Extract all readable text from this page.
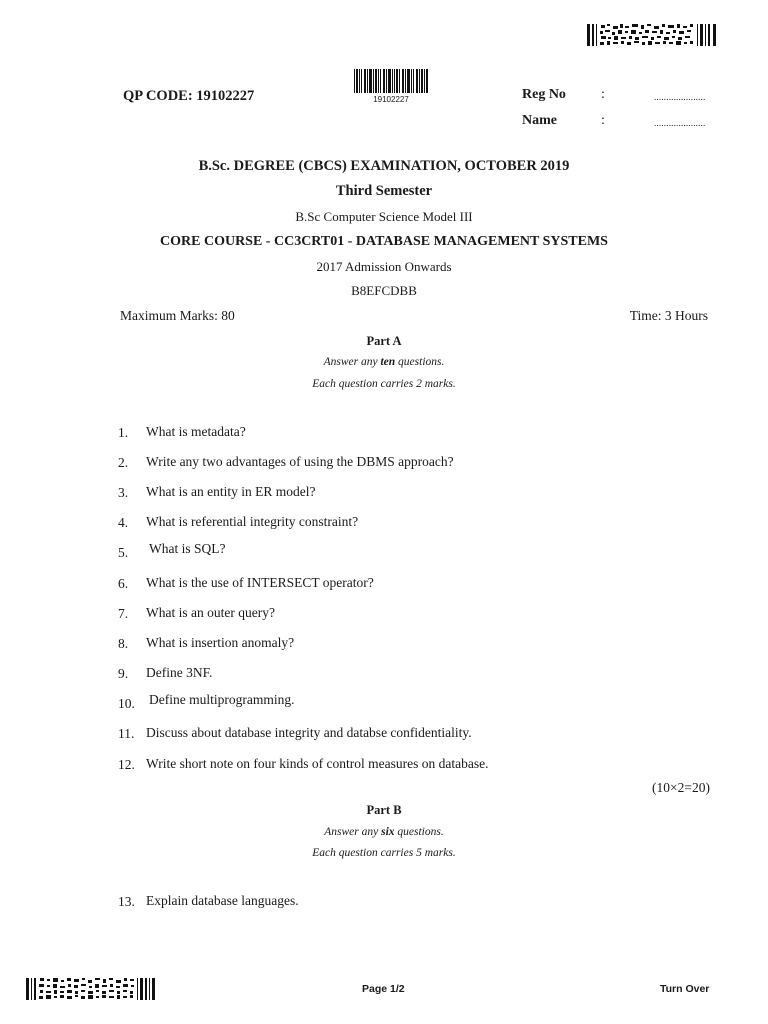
QP CODE: 19102227	19102227	Reg No	:	.....................
Name	:	.....................
B.Sc. DEGREE (CBCS) EXAMINATION, OCTOBER 2019
Third Semester
B.Sc Computer Science Model III
CORE COURSE - CC3CRT01 - DATABASE MANAGEMENT SYSTEMS
2017 Admission Onwards
B8EFCDBB
Maximum Marks: 80	Time: 3 Hours
Part A
Answer any ten questions.
Each question carries 2 marks.
1. What is metadata?
2. Write any two advantages of using the DBMS approach?
3. What is an entity in ER model?
4. What is referential integrity constraint?
5. What is SQL?
6. What is the use of INTERSECT operator?
7. What is an outer query?
8. What is insertion anomaly?
9. Define 3NF.
10. Define multiprogramming.
11. Discuss about database integrity and databse confidentiality.
12. Write short note on four kinds of control measures on database.
(10×2=20)
Part B
Answer any six questions.
Each question carries 5 marks.
13. Explain database languages.
Page 1/2	Turn Over
